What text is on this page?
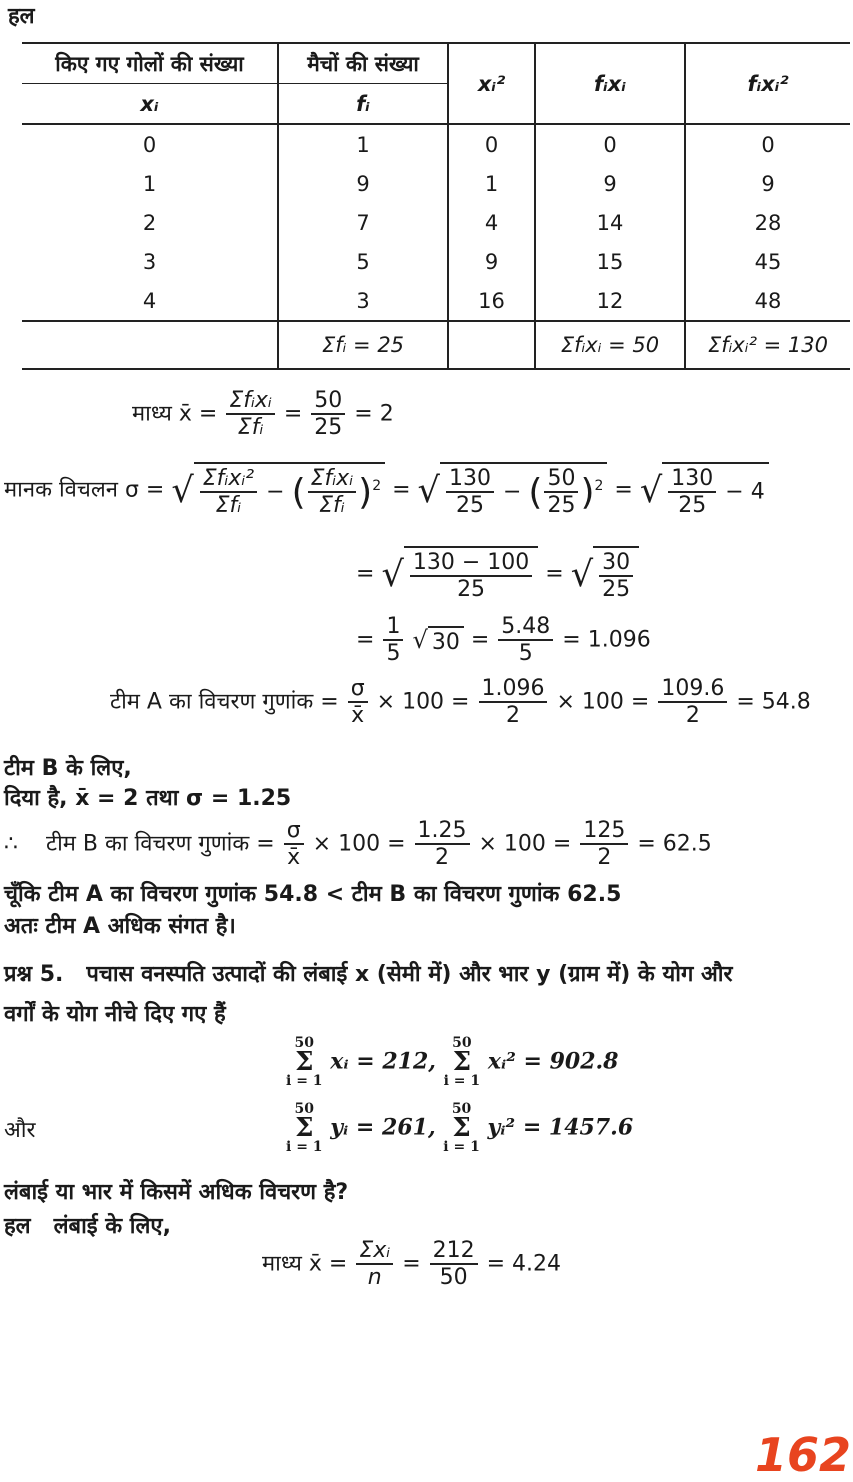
हल
किए गए गोलों की संख्या	मैचों की संख्या	xᵢ²	fᵢxᵢ	fᵢxᵢ²
xᵢ	fᵢ			
0	1	0	0	0
1	9	1	9	9
2	7	4	14	28
3	5	9	15	45
4	3	16	12	48
	Σfᵢ = 25		Σfᵢxᵢ = 50	Σfᵢxᵢ² = 130
माध्य x̄ = $\frac{\text{Σfᵢxᵢ}}{\text{Σfᵢ}} = \frac{50}{25} = 2$
मानक विचलन σ = √ $\frac{\text{Σfᵢxᵢ²}}{\text{Σfᵢ}}$ − ( $\frac{\text{Σfᵢxᵢ}}{\text{Σfᵢ}} )^2$ = √ $\frac{130}{25}$ − ( $\frac{50}{25} )^2$ = √ $\frac{130}{25} - 4$
= √ $\frac{130 - 100}{25}$ = √ $\frac{30}{25}$
= $\frac{1}{5}$ √ $30 = \frac{5.48}{5} = 1.096$
टीम A का विचरण गुणांक = $\frac{\sigma}{x̄} \times 100 = \frac{1.096}{2} \times 100 = \frac{109.6}{2} = 54.8$
टीम B के लिए,
दिया है, x̄ = 2 तथा σ = 1.25
∴ टीम B का विचरण गुणांक = $\frac{\sigma}{x̄} \times 100 = \frac{1.25}{2} \times 100 = \frac{125}{2} = 62.5$
चूँकि टीम A का विचरण गुणांक 54.8 < टीम B का विचरण गुणांक 62.5
अतः टीम A अधिक संगत है।
प्रश्न 5. पचास वनस्पति उत्पादों की लंबाई x (सेमी में) और भार y (ग्राम में) के योग और
वर्गों के योग नीचे दिए गए हैं
50
Σ
i = 1 xᵢ = 212, 50
Σ
i = 1 xᵢ² = 902.8
और
50
Σ
i = 1 yᵢ = 261, 50
Σ
i = 1 yᵢ² = 1457.6
लंबाई या भार में किसमें अधिक विचरण है?
हल लंबाई के लिए,
माध्य x̄ = $\frac{\text{Σxᵢ}}{n} = \frac{212}{50} = 4.24$
162
